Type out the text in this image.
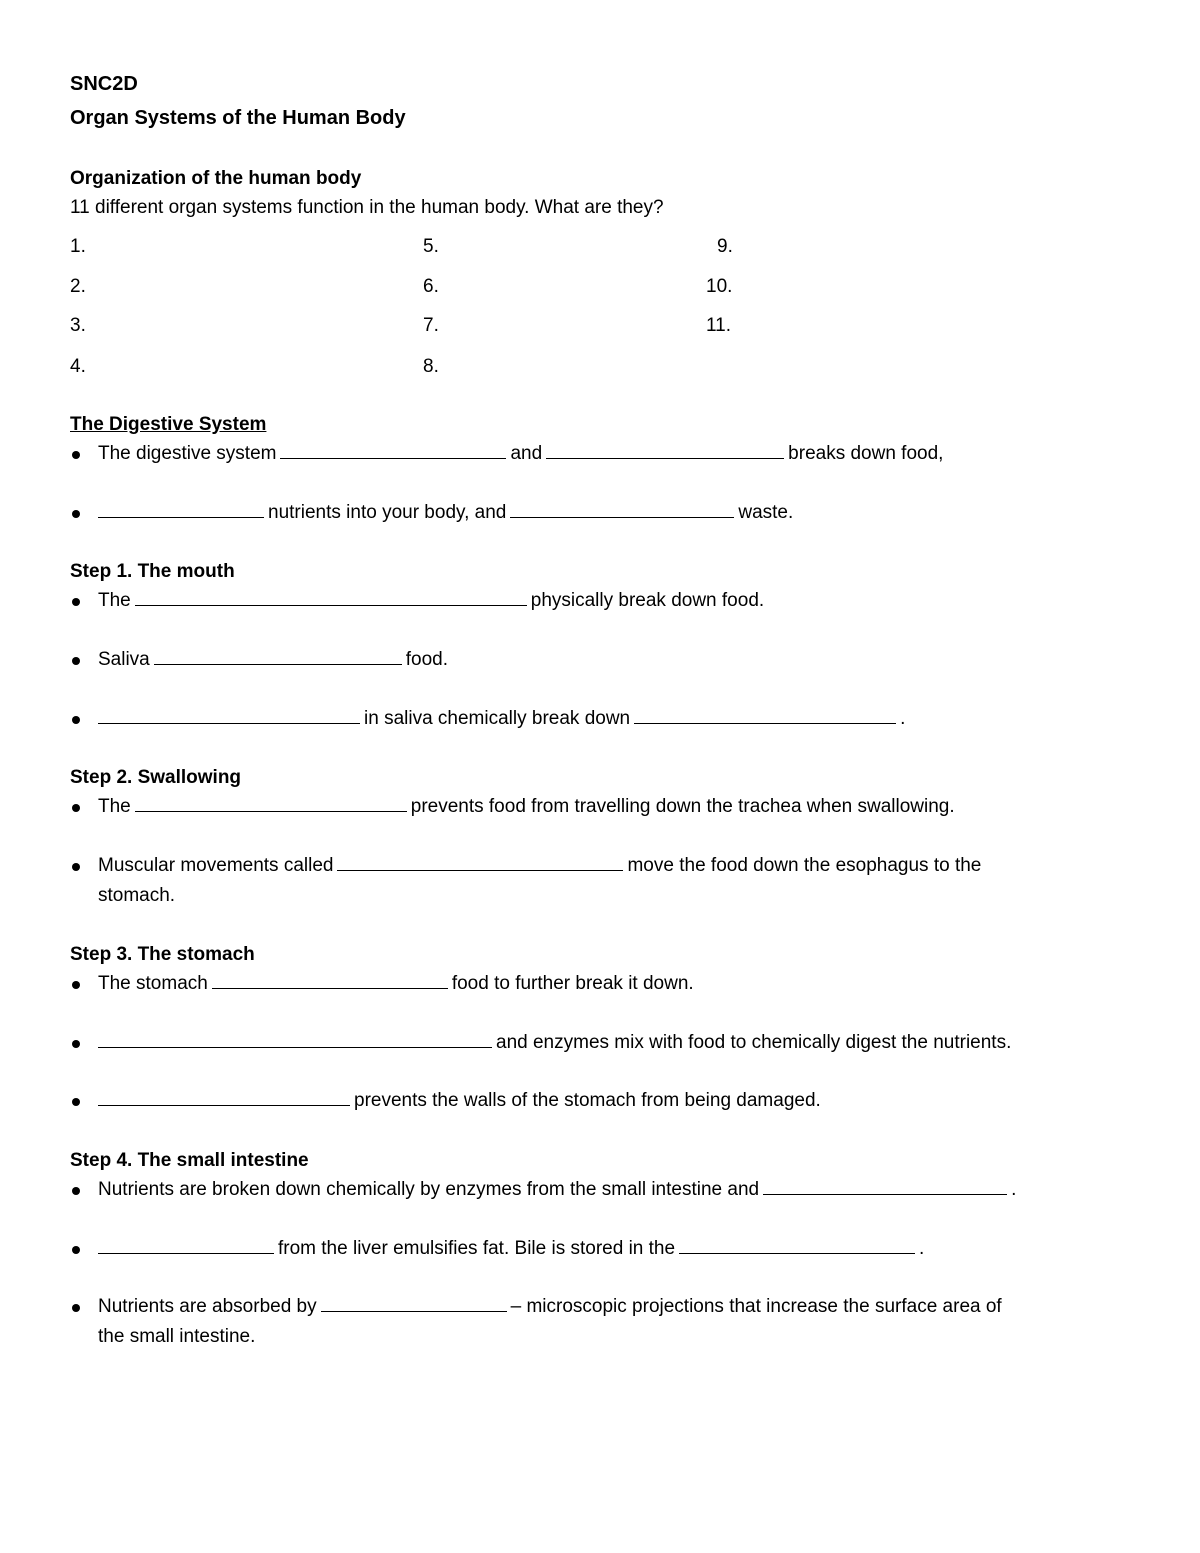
SNC2D
Organ Systems of the Human Body
Organization of the human body
11 different organ systems function in the human body. What are they?
1.
2.
3.
4.
5.
6.
7.
8.
9.
10.
11.
The Digestive System
The digestive system	and	breaks down food,
nutrients into your body, and	waste.
Step 1. The mouth
The	physically break down food.
Saliva	food.
in saliva chemically break down	.
Step 2. Swallowing
The	prevents food from travelling down the trachea when swallowing.
Muscular movements called	move the food down the esophagus to the
stomach.
Step 3. The stomach
The stomach	food to further break it down.
and enzymes mix with food to chemically digest the nutrients.
prevents the walls of the stomach from being damaged.
Step 4. The small intestine
Nutrients are broken down chemically by enzymes from the small intestine and	.
from the liver emulsifies fat. Bile is stored in the	.
Nutrients are absorbed by	– microscopic projections that increase the surface area of
the small intestine.
